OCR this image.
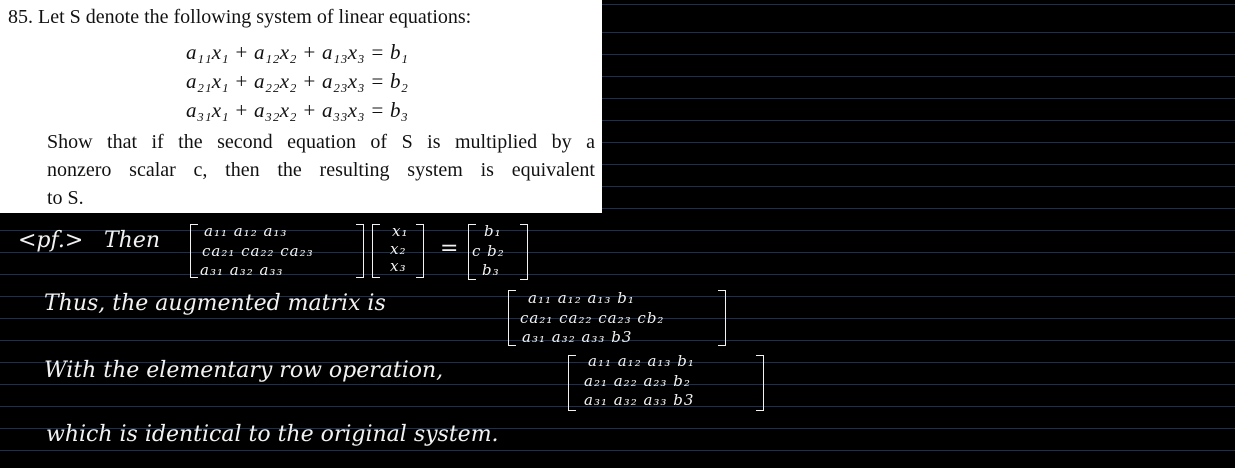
85. Let S denote the following system of linear equations:
a₁₁x₁ + a₁₂x₂ + a₁₃x₃ = b₁
a₂₁x₁ + a₂₂x₂ + a₂₃x₃ = b₂
a₃₁x₁ + a₃₂x₂ + a₃₃x₃ = b₃
Show that if the second equation of S is multiplied by a
nonzero scalar c, then the resulting system is equivalent
to S.
<pf.> Then	a₁₁ a₁₂ a₁₃
ca₂₁ ca₂₂ ca₂₃
a₃₁ a₃₂ a₃₃
x₁
x₂
x₃
=
b₁
c b₂
b₃
Thus, the augmented matrix is	a₁₁ a₁₂ a₁₃ b₁
ca₂₁ ca₂₂ ca₂₃ cb₂
a₃₁ a₃₂ a₃₃ b3
With the elementary row operation,	a₁₁ a₁₂ a₁₃ b₁
a₂₁ a₂₂ a₂₃ b₂
a₃₁ a₃₂ a₃₃ b3
which is identical to the original system.
